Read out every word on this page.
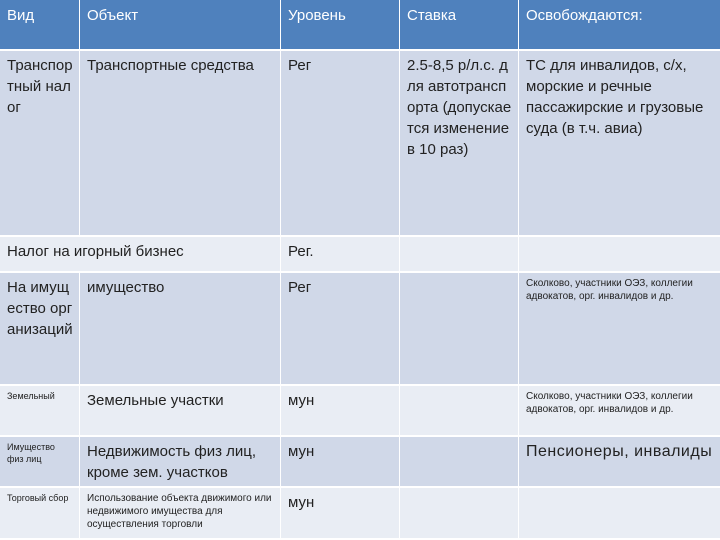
Вид	Объект	Уровень	Ставка	Освобождаются:
Транспортный налог	Транспортные средства	Рег	2.5-8,5 р/л.с. для автотранспорта (допускается изменение в 10 раз)	ТС для инвалидов, с/х, морские и речные пассажирские и грузовые суда (в т.ч. авиа)
Налог на игорный бизнес		Рег.		
На имущество организаций	имущество	Рег		Сколково, участники ОЭЗ, коллегии адвокатов, орг. инвалидов и др.
Земельный	Земельные участки	мун		Сколково, участники ОЭЗ, коллегии адвокатов, орг. инвалидов и др.
Имущество физ лиц	Недвижимость физ лиц, кроме зем. участков	мун		Пенсионеры, инвалиды
Торговый сбор	Использование объекта движимого или недвижимого имущества для осуществления торговли	мун		
